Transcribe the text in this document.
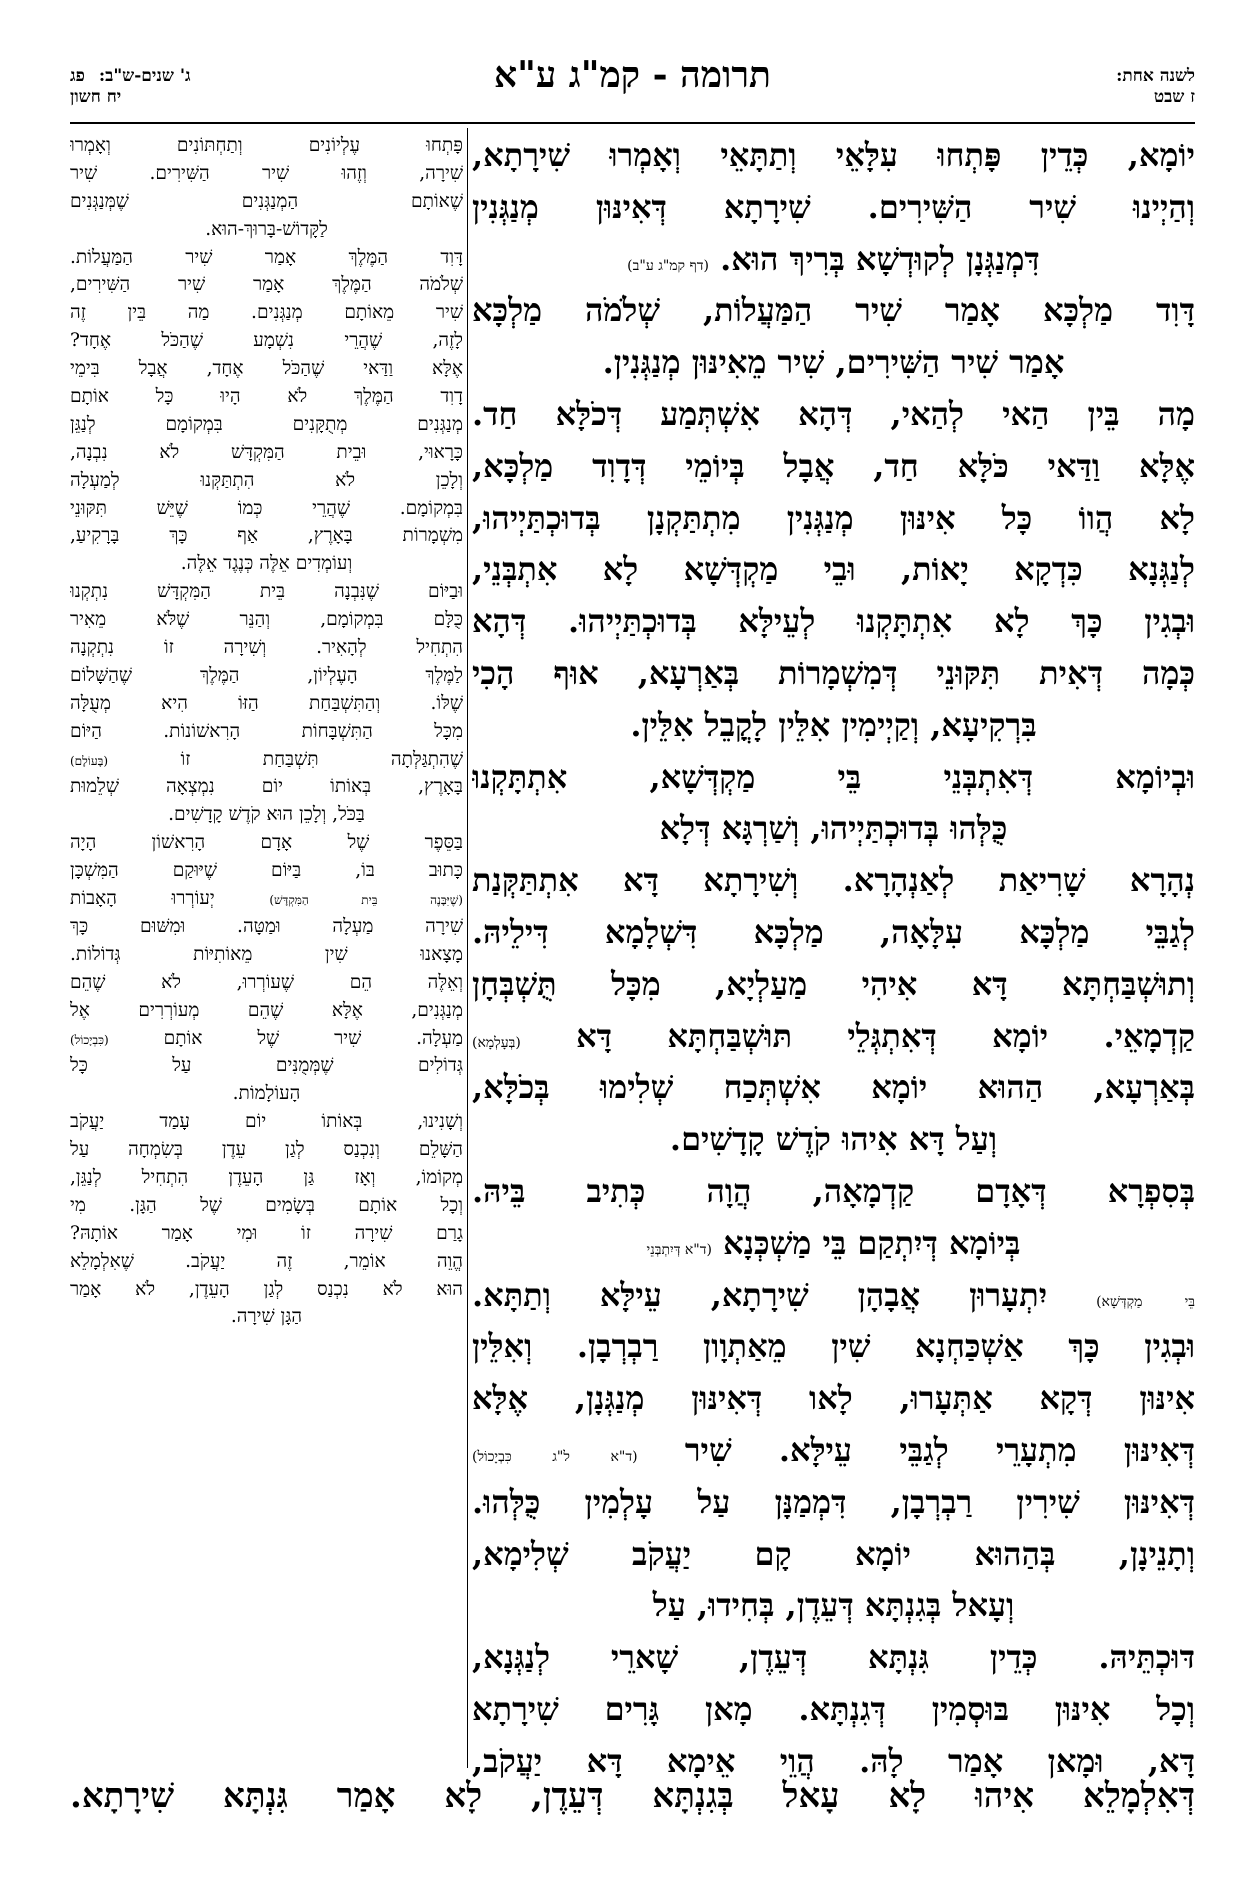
לשנה אחת:
ז שבט
תרומה - קמ"ג ע"א
ג' שנים-ש"ב:פג
יח חשון
יוֹמָא, כְּדֵין פָּתְחוּ עִלָּאֵי וְתַתָּאֵי וְאָמְרוּ שִׁירָתָא,
וְהַיְינוּ שִׁיר הַשִּׁירִים. שִׁירָתָא דְּאִינּוּן מְנַגְּנִין
דִּמְנַגְּנָן לְקוּדְשָׁא בְּרִיךְ הוּא. (דף קמ"ג ע"ב)
דָּוִד מַלְכָּא אָמַר שִׁיר הַמַּעֲלוֹת, שְׁלֹמֹה מַלְכָּא
אָמַר שִׁיר הַשִּׁירִים, שִׁיר מֵאִינּוּן מְנַגְּנִין.
מָה בֵּין הַאי לְהַאי, דְּהָא אִשְׁתְּמַע דְּכֹלָּא חַד.
אֶלָּא וַדַּאי כֹּלָּא חַד, אֲבָל בְּיוֹמֵי דְּדָוִד מַלְכָּא,
לָא הֲווֹ כָּל אִינּוּן מְנַגְּנִין מִתְתַּקְנָן בְּדוּכְתַּיְיהוּ,
לְנַגְּנָא כִּדְקָא יָאוֹת, וּבֵי מַקְדְּשָׁא לָא אִתְבְּנֵי,
וּבְגִין כָּךְ לָא אִתְתָּקְנוּ לְעֵילָּא בְּדוּכְתַּיְיהוּ. דְּהָא
כְּמָה דְּאִית תִּקּוּנֵי דְּמִשְׁמָרוֹת בְּאַרְעָא, אוּף הָכִי
בִּרְקִיעָא, וְקַיְימִין אִלֵּין לָקֳבֵל אִלֵּין.
וּבְיוֹמָא דְּאִתְבְּנֵי בֵּי מַקְדְּשָׁא, אִתְתָּקְנוּ
כֻּלְּהוּ בְּדוּכְתַּיְיהוּ, וְשַׁרְגָּא דְּלָא
נְהָרָא שָׁרִיאַת לְאַנְהָרָא. וְשִׁירָתָא דָּא אִתְתַּקְּנַת
לְגַבֵּי מַלְכָּא עִלָּאָה, מַלְכָּא דִּשְׁלָמָא דִּילֵיהּ.
וְתוּשְׁבַּחְתָּא דָּא אִיהִי מַעַלְיָא, מִכָּל תֻּשְׁבְּחָן
קַדְמָאֵי. יוֹמָא דְּאִתְגְּלֵי תּוּשְׁבַּחְתָּא דָּא (בְּעָלְמָא)
בְּאַרְעָא, הַהוּא יוֹמָא אִשְׁתְּכַח שְׁלִימוּ בְּכֹלָּא,
וְעַל דָּא אִיהוּ קֹדֶשׁ קָדָשִׁים.
בְּסִפְרָא דְּאָדָם קַדְמָאָה, הֲוָה כְּתִיב בֵּיהּ.
בְּיוֹמָא דְּיִתְקַם בֵּי מַשְׁכְּנָא (ד"א דְּיִתְבְּנֵי
בֵּי מַקְדְּשָׁא) יִתְעָרוּן אֲבָהָן שִׁירָתָא, עֵילָּא וְתַתָּא.
וּבְגִין כָּךְ אַשְׁכַּחְנָא שִׁין מֵאַתְוָון רַבְרְבָן. וְאִלֵּין
אִינּוּן דְּקָא אַתְּעָרוּ, לָאו דְּאִינּוּן מְנַגְּנָן, אֶלָּא
דְּאִינּוּן מִתְעָרֵי לְגַבֵּי עֵילָּא. שִׁיר (ד"א ל"ג כִּבְיָכוֹל)
דְּאִינּוּן שִׁירִין רַבְרְבָן, דִּמְמַנָּן עַל עָלְמִין כֻּלְּהוּ.
וְתָנֵינָן, בְּהַהוּא יוֹמָא קָם יַעֲקֹב שְׁלִימָא,
וְעָאל בְּגִנְתָּא דְּעֵדֶן, בְּחִידוּ, עַל
דּוּכְתֵּיהּ. כְּדֵין גִּנְתָּא דְּעֵדֶן, שָׁארֵי לְנַגְּנָא,
וְכָל אִינּוּן בּוּסְמִין דְּגִנְתָּא. מָאן גָּרִים שִׁירָתָא
דָּא, וּמָאן אָמַר לָהּ. הֲוֵי אֵימָא דָּא יַעֲקֹב,
פָּתְחוּ עֶלְיוֹנִים וְתַחְתּוֹנִים וְאָמְרוּ
שִׁירָה, וְזֶהוּ שִׁיר הַשִּׁירִים. שִׁיר
שֶׁאוֹתָם הַמְנַגְּנִים שֶׁמְּנַגְּנִים
לַקָּדוֹשׁ-בָּרוּךְ-הוּא.
דָּוִד הַמֶּלֶךְ אָמַר שִׁיר הַמַּעֲלוֹת.
שְׁלֹמֹה הַמֶּלֶךְ אָמַר שִׁיר הַשִּׁירִים,
שִׁיר מֵאוֹתָם מְנַגְּנִים. מַה בֵּין זֶה
לָזֶה, שֶׁהֲרֵי נִשְׁמָע שֶׁהַכֹּל אֶחָד?
אֶלָּא וַדַּאי שֶׁהַכֹּל אֶחָד, אֲבָל בִּימֵי
דָוִד הַמֶּלֶךְ לֹא הָיוּ כָּל אוֹתָם
מְנַגְּנִים מְתֻקָּנִים בִּמְקוֹמָם לְנַגֵּן
כָּרָאוּי, וּבֵית הַמִּקְדָּשׁ לֹא נִבְנָה,
וְלָכֵן לֹא הִתְתַּקְּנוּ לְמַעְלָה
בִּמְקוֹמָם. שֶׁהֲרֵי כְּמוֹ שֶׁיֵּשׁ תִּקּוּנֵי
מִשְׁמָרוֹת בָּאָרֶץ, אַף כָּךְ בָּרָקִיעַ,
וְעוֹמְדִים אֵלֶּה כְּנֶגֶד אֵלֶּה.
וּבַיּוֹם שֶׁנִּבְנָה בֵּית הַמִּקְדָּשׁ נִתְקְנוּ
כֻּלָּם בִּמְקוֹמָם, וְהַנֵּר שֶׁלֹּא מֵאִיר
הִתְחִיל לְהָאִיר. וְשִׁירָה זוֹ נִתְקְנָה
לַמֶּלֶךְ הָעֶלְיוֹן, הַמֶּלֶךְ שֶׁהַשָּׁלוֹם
שֶׁלּוֹ. וְהַתִּשְׁבַּחַת הַזּוֹ הִיא מְעֻלָּה
מִכָּל הַתִּשְׁבָּחוֹת הָרִאשׁוֹנוֹת. הַיּוֹם
שֶׁהִתְגַּלְּתָה תִּשְׁבַּחַת זוֹ (בָּעוֹלָם)
בָּאָרֶץ, בְּאוֹתוֹ יוֹם נִמְצְאָה שְׁלֵמוּת
בַּכֹּל, וְלָכֵן הוּא קֹדֶשׁ קָדָשִׁים.
בַּסֵּפֶר שֶׁל אָדָם הָרִאשׁוֹן הָיָה
כָּתוּב בּוֹ, בַּיּוֹם שֶׁיּוּקַם הַמִּשְׁכָּן
(שֶׁיִּבָּנֶה בֵּית הַמִּקְדָּשׁ) יְעוֹרְרוּ הָאָבוֹת
שִׁירָה מַעְלָה וּמַטָּה. וּמִשּׁוּם כָּךְ
מָצָאנוּ שִׁין מֵאוֹתִיּוֹת גְּדוֹלוֹת.
וְאֵלֶּה הֵם שֶׁעוֹרְרוּ, לֹא שֶׁהֵם
מְנַגְּנִים, אֶלָּא שֶׁהֵם מְעוֹרְרִים אֶל
מַעְלָה. שִׁיר שֶׁל אוֹתָם (כִּבְיָכוֹל)
גְּדוֹלִים שֶׁמְּמֻנִּים עַל כָּל
הָעוֹלָמוֹת.
וְשָׁנִינוּ, בְּאוֹתוֹ יוֹם עָמַד יַעֲקֹב
הַשָּׁלֵם וְנִכְנַס לְגַן עֵדֶן בְּשִׂמְחָה עַל
מְקוֹמוֹ, וְאָז גַּן הָעֵדֶן הִתְחִיל לְנַגֵּן,
וְכָל אוֹתָם בְּשָׂמִים שֶׁל הַגָּן. מִי
גָרַם שִׁירָה זוֹ וּמִי אָמַר אוֹתָהּ?
הֱוֵה אוֹמֵר, זֶה יַעֲקֹב. שֶׁאִלְמָלֵא
הוּא לֹא נִכְנַס לְגַן הָעֵדֶן, לֹא אָמַר
הַגָּן שִׁירָה.
דְּאִלְמָלֵא אִיהוּ לָא עָאל בְּגִנְתָּא דְּעֵדֶן, לָא אָמַר גִּנְתָּא שִׁירָתָא.
